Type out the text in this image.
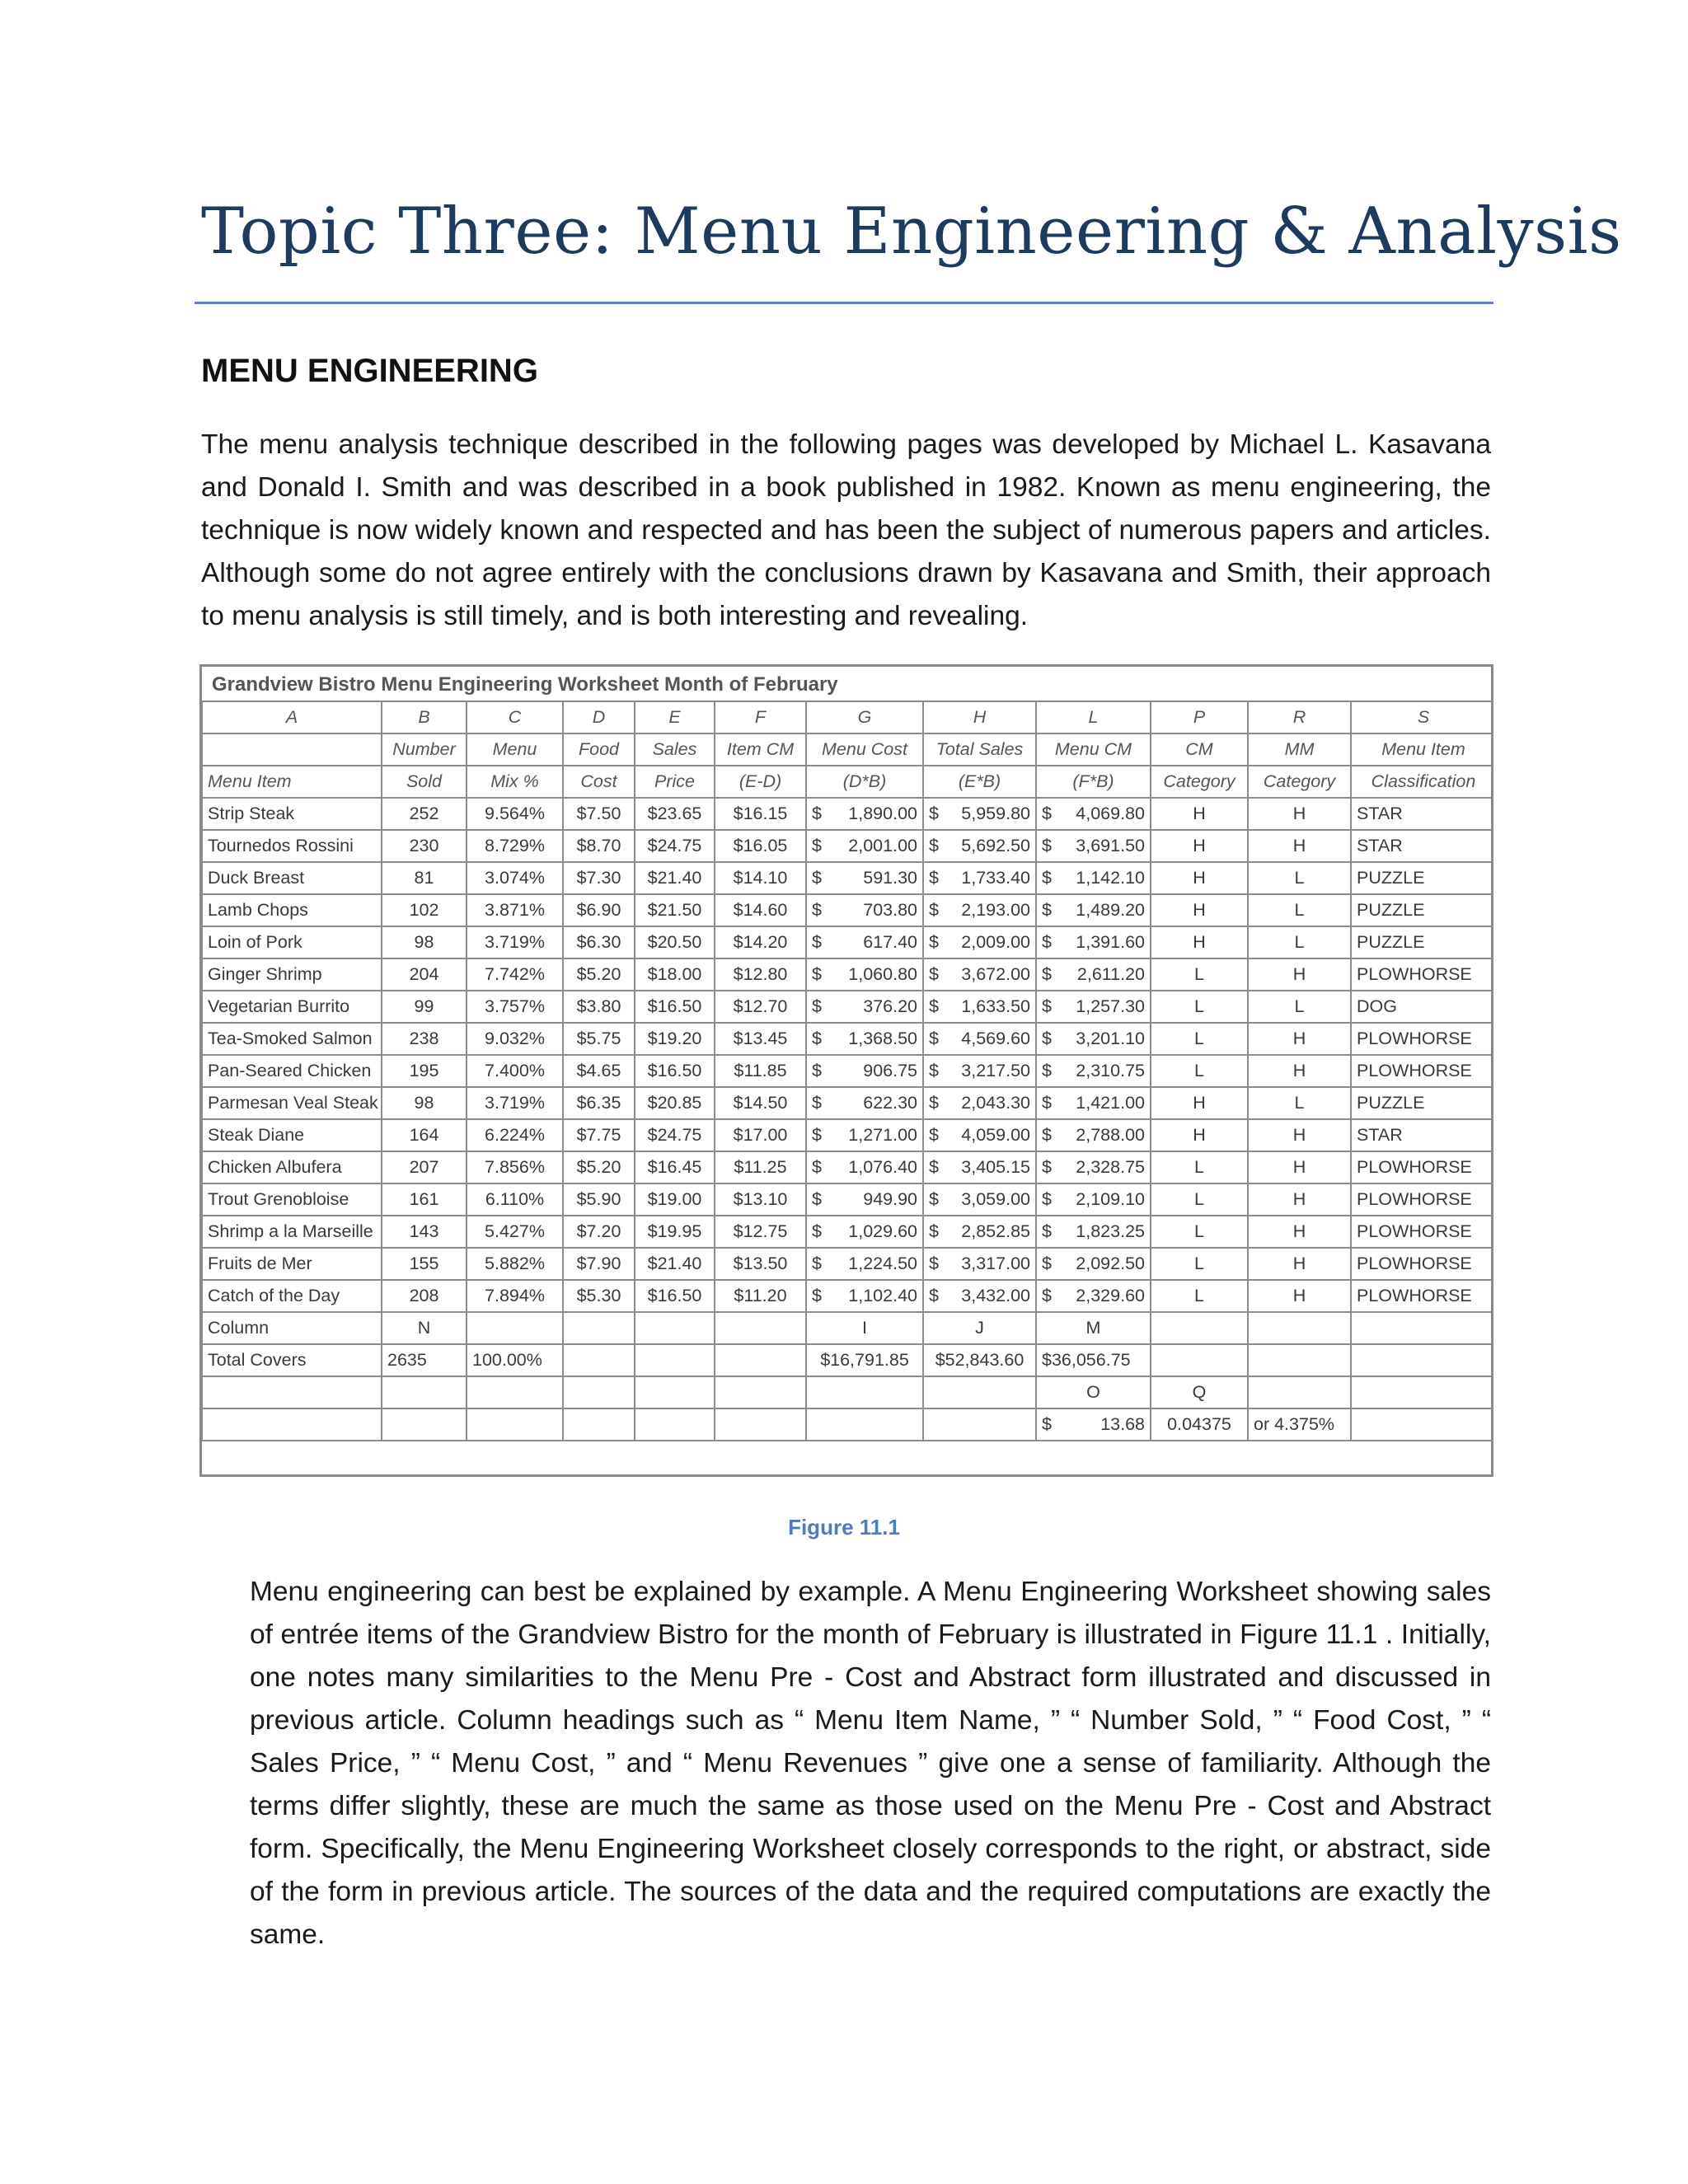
Topic Three: Menu Engineering & Analysis
MENU ENGINEERING
The menu analysis technique described in the following pages was developed by Michael L. Kasavana and Donald I. Smith and was described in a book published in 1982. Known as menu engineering, the technique is now widely known and respected and has been the subject of numerous papers and articles. Although some do not agree entirely with the conclusions drawn by Kasavana and Smith, their approach to menu analysis is still timely, and is both interesting and revealing.
Grandview Bistro Menu Engineering Worksheet Month of February
A	B	C	D	E	F	G	H	L	P	R	S
	Number	Menu	Food	Sales	Item CM	Menu Cost	Total Sales	Menu CM	CM	MM	Menu Item
Menu Item	Sold	Mix %	Cost	Price	(E-D)	(D*B)	(E*B)	(F*B)	Category	Category	Classification
Strip Steak	252	9.564%	$7.50	$23.65	$16.15	$ 1,890.00	$ 5,959.80	$ 4,069.80	H	H	STAR
Tournedos Rossini	230	8.729%	$8.70	$24.75	$16.05	$ 2,001.00	$ 5,692.50	$ 3,691.50	H	H	STAR
Duck Breast	81	3.074%	$7.30	$21.40	$14.10	$ 591.30	$ 1,733.40	$ 1,142.10	H	L	PUZZLE
Lamb Chops	102	3.871%	$6.90	$21.50	$14.60	$ 703.80	$ 2,193.00	$ 1,489.20	H	L	PUZZLE
Loin of Pork	98	3.719%	$6.30	$20.50	$14.20	$ 617.40	$ 2,009.00	$ 1,391.60	H	L	PUZZLE
Ginger Shrimp	204	7.742%	$5.20	$18.00	$12.80	$ 1,060.80	$ 3,672.00	$ 2,611.20	L	H	PLOWHORSE
Vegetarian Burrito	99	3.757%	$3.80	$16.50	$12.70	$ 376.20	$ 1,633.50	$ 1,257.30	L	L	DOG
Tea-Smoked Salmon	238	9.032%	$5.75	$19.20	$13.45	$ 1,368.50	$ 4,569.60	$ 3,201.10	L	H	PLOWHORSE
Pan-Seared Chicken	195	7.400%	$4.65	$16.50	$11.85	$ 906.75	$ 3,217.50	$ 2,310.75	L	H	PLOWHORSE
Parmesan Veal Steak	98	3.719%	$6.35	$20.85	$14.50	$ 622.30	$ 2,043.30	$ 1,421.00	H	L	PUZZLE
Steak Diane	164	6.224%	$7.75	$24.75	$17.00	$ 1,271.00	$ 4,059.00	$ 2,788.00	H	H	STAR
Chicken Albufera	207	7.856%	$5.20	$16.45	$11.25	$ 1,076.40	$ 3,405.15	$ 2,328.75	L	H	PLOWHORSE
Trout Grenobloise	161	6.110%	$5.90	$19.00	$13.10	$ 949.90	$ 3,059.00	$ 2,109.10	L	H	PLOWHORSE
Shrimp a la Marseille	143	5.427%	$7.20	$19.95	$12.75	$ 1,029.60	$ 2,852.85	$ 1,823.25	L	H	PLOWHORSE
Fruits de Mer	155	5.882%	$7.90	$21.40	$13.50	$ 1,224.50	$ 3,317.00	$ 2,092.50	L	H	PLOWHORSE
Catch of the Day	208	7.894%	$5.30	$16.50	$11.20	$ 1,102.40	$ 3,432.00	$ 2,329.60	L	H	PLOWHORSE
Column	N					I	J	M			
Total Covers	2635	100.00%				$16,791.85	$52,843.60	$36,056.75			
								O	Q		

								$ 13.68	0.04375	or 4.375%	
Figure 11.1
Menu engineering can best be explained by example. A Menu Engineering Worksheet showing sales of entrée items of the Grandview Bistro for the month of February is illustrated in Figure 11.1 . Initially, one notes many similarities to the Menu Pre - Cost and Abstract form illustrated and discussed in previous article. Column headings such as “ Menu Item Name, ” “ Number Sold, ” “ Food Cost, ” “ Sales Price, ” “ Menu Cost, ” and “ Menu Revenues ” give one a sense of familiarity. Although the terms differ slightly, these are much the same as those used on the Menu Pre - Cost and Abstract form. Specifically, the Menu Engineering Worksheet closely corresponds to the right, or abstract, side of the form in previous article. The sources of the data and the required computations are exactly the same.
